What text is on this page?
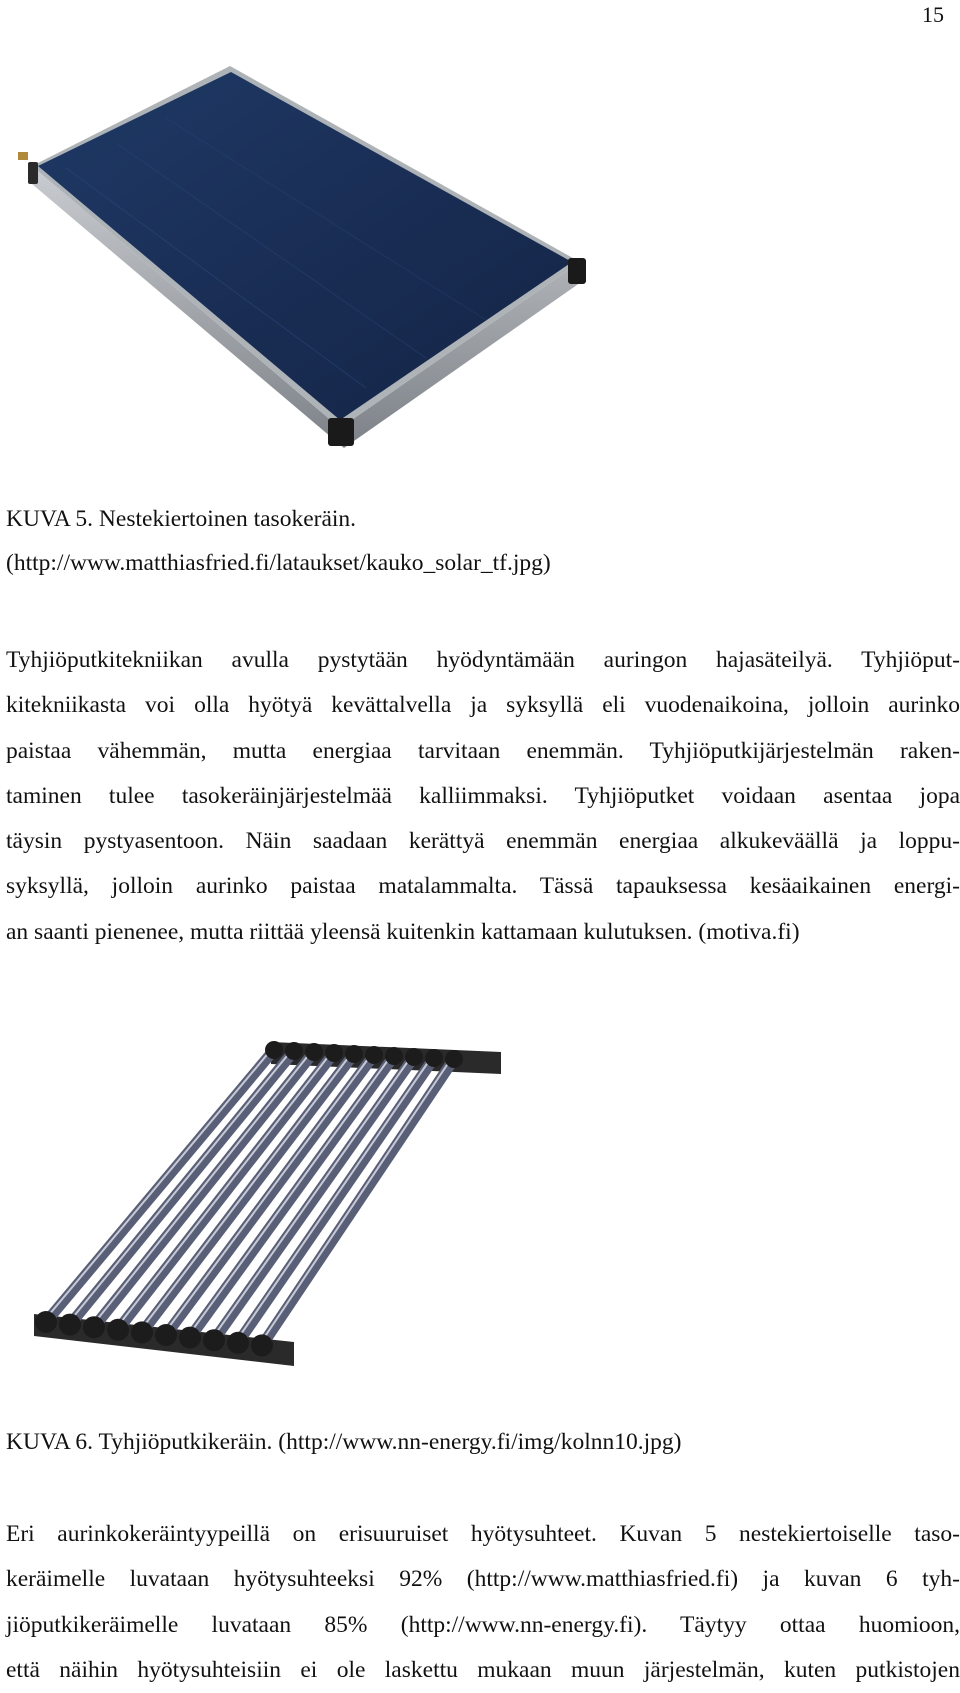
15
KUVA 5. Nestekiertoinen tasokeräin.
(http://www.matthiasfried.fi/lataukset/kauko_solar_tf.jpg)
Tyhjiöputkitekniikan avulla pystytään hyödyntämään auringon hajasäteilyä. Tyhjiöput-
kitekniikasta voi olla hyötyä kevättalvella ja syksyllä eli vuodenaikoina, jolloin aurinko
paistaa vähemmän, mutta energiaa tarvitaan enemmän. Tyhjiöputkijärjestelmän raken-
taminen tulee tasokeräinjärjestelmää kalliimmaksi. Tyhjiöputket voidaan asentaa jopa
täysin pystyasentoon. Näin saadaan kerättyä enemmän energiaa alkukeväällä ja loppu-
syksyllä, jolloin aurinko paistaa matalammalta. Tässä tapauksessa kesäaikainen energi-
an saanti pienenee, mutta riittää yleensä kuitenkin kattamaan kulutuksen. (motiva.fi)
KUVA 6. Tyhjiöputkikeräin. (http://www.nn-energy.fi/img/kolnn10.jpg)
Eri aurinkokeräintyypeillä on erisuuruiset hyötysuhteet. Kuvan 5 nestekiertoiselle taso-
keräimelle luvataan hyötysuhteeksi 92% (http://www.matthiasfried.fi) ja kuvan 6 tyh-
jiöputkikeräimelle luvataan 85% (http://www.nn-energy.fi). Täytyy ottaa huomioon,
että näihin hyötysuhteisiin ei ole laskettu mukaan muun järjestelmän, kuten putkistojen
